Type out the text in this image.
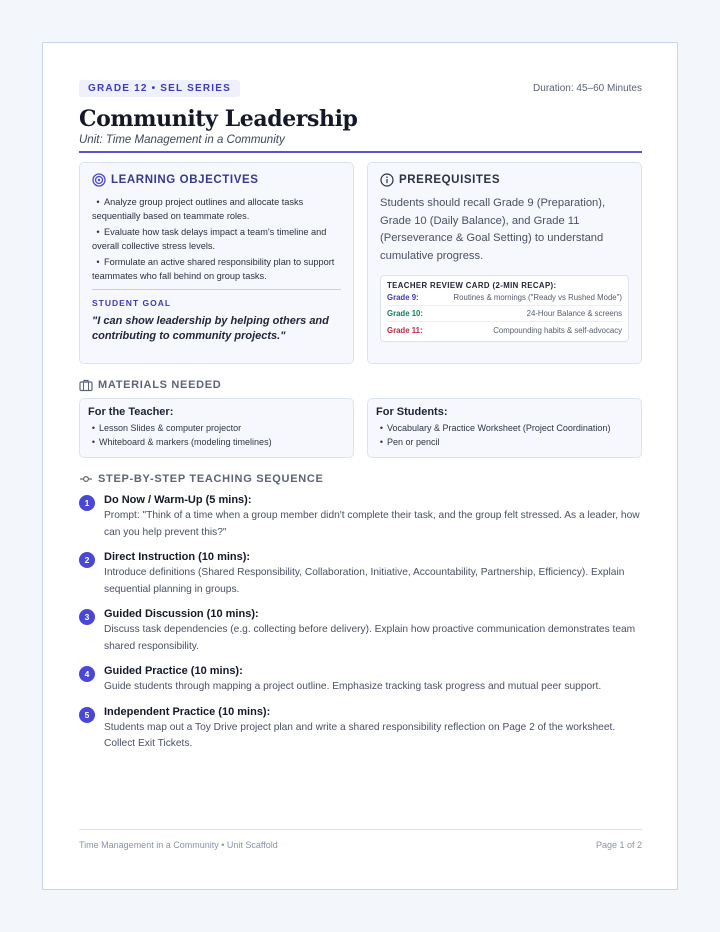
GRADE 12 • SEL SERIES	Duration: 45–60 Minutes
Community Leadership
Unit: Time Management in a Community
LEARNING OBJECTIVES
• Analyze group project outlines and allocate tasks sequentially based on teammate roles.
• Evaluate how task delays impact a team's timeline and overall collective stress levels.
• Formulate an active shared responsibility plan to support teammates who fall behind on group tasks.
STUDENT GOAL
"I can show leadership by helping others and contributing to community projects."
PREREQUISITES
Students should recall Grade 9 (Preparation), Grade 10 (Daily Balance), and Grade 11 (Perseverance & Goal Setting) to understand cumulative progress.
TEACHER REVIEW CARD (2-MIN RECAP):
Grade 9:	Routines & mornings ("Ready vs Rushed Mode")
Grade 10:	24-Hour Balance & screens
Grade 11:	Compounding habits & self-advocacy
MATERIALS NEEDED
For the Teacher:
• Lesson Slides & computer projector
• Whiteboard & markers (modeling timelines)
For Students:
• Vocabulary & Practice Worksheet (Project Coordination)
• Pen or pencil
STEP-BY-STEP TEACHING SEQUENCE
1	Do Now / Warm-Up (5 mins):
Prompt: "Think of a time when a group member didn't complete their task, and the group felt stressed. As a leader, how can you help prevent this?"
2	Direct Instruction (10 mins):
Introduce definitions (Shared Responsibility, Collaboration, Initiative, Accountability, Partnership, Efficiency). Explain sequential planning in groups.
3	Guided Discussion (10 mins):
Discuss task dependencies (e.g. collecting before delivery). Explain how proactive communication demonstrates team shared responsibility.
4	Guided Practice (10 mins):
Guide students through mapping a project outline. Emphasize tracking task progress and mutual peer support.
5	Independent Practice (10 mins):
Students map out a Toy Drive project plan and write a shared responsibility reflection on Page 2 of the worksheet. Collect Exit Tickets.
Time Management in a Community • Unit Scaffold	Page 1 of 2
